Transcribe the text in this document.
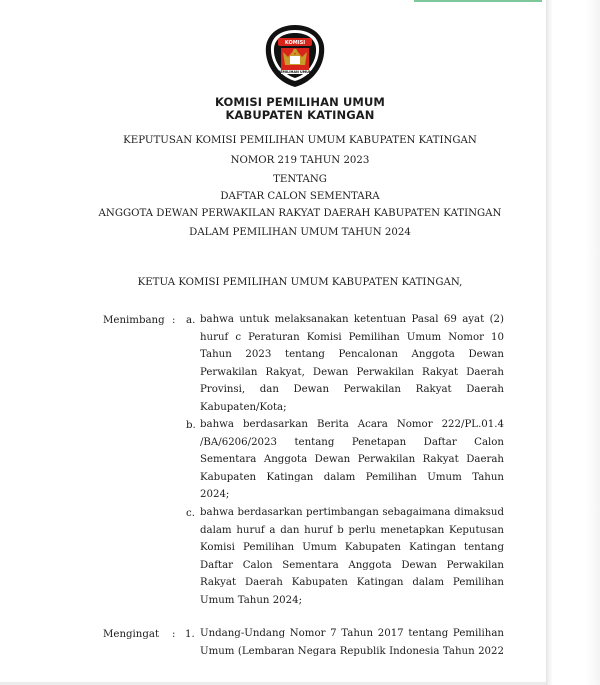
KOMISI
PEMILIHAN UMUM
KOMISI PEMILIHAN UMUM
KABUPATEN KATINGAN
KEPUTUSAN KOMISI PEMILIHAN UMUM KABUPATEN KATINGAN
NOMOR 219 TAHUN 2023
TENTANG
DAFTAR CALON SEMENTARA
ANGGOTA DEWAN PERWAKILAN RAKYAT DAERAH KABUPATEN KATINGAN
DALAM PEMILIHAN UMUM TAHUN 2024
KETUA KOMISI PEMILIHAN UMUM KABUPATEN KATINGAN,
Menimbang : a. bahwa untuk melaksanakan ketentuan Pasal 69 ayat (2)
huruf c Peraturan Komisi Pemilihan Umum Nomor 10
Tahun 2023 tentang Pencalonan Anggota Dewan
Perwakilan Rakyat, Dewan Perwakilan Rakyat Daerah
Provinsi, dan Dewan Perwakilan Rakyat Daerah
Kabupaten/Kota;
b. bahwa berdasarkan Berita Acara Nomor 222/PL.01.4
/BA/6206/2023 tentang Penetapan Daftar Calon
Sementara Anggota Dewan Perwakilan Rakyat Daerah
Kabupaten Katingan dalam Pemilihan Umum Tahun
2024;
c. bahwa berdasarkan pertimbangan sebagaimana dimaksud
dalam huruf a dan huruf b perlu menetapkan Keputusan
Komisi Pemilihan Umum Kabupaten Katingan tentang
Daftar Calon Sementara Anggota Dewan Perwakilan
Rakyat Daerah Kabupaten Katingan dalam Pemilihan
Umum Tahun 2024;
Mengingat : 1. Undang-Undang Nomor 7 Tahun 2017 tentang Pemilihan
Umum (Lembaran Negara Republik Indonesia Tahun 2022
